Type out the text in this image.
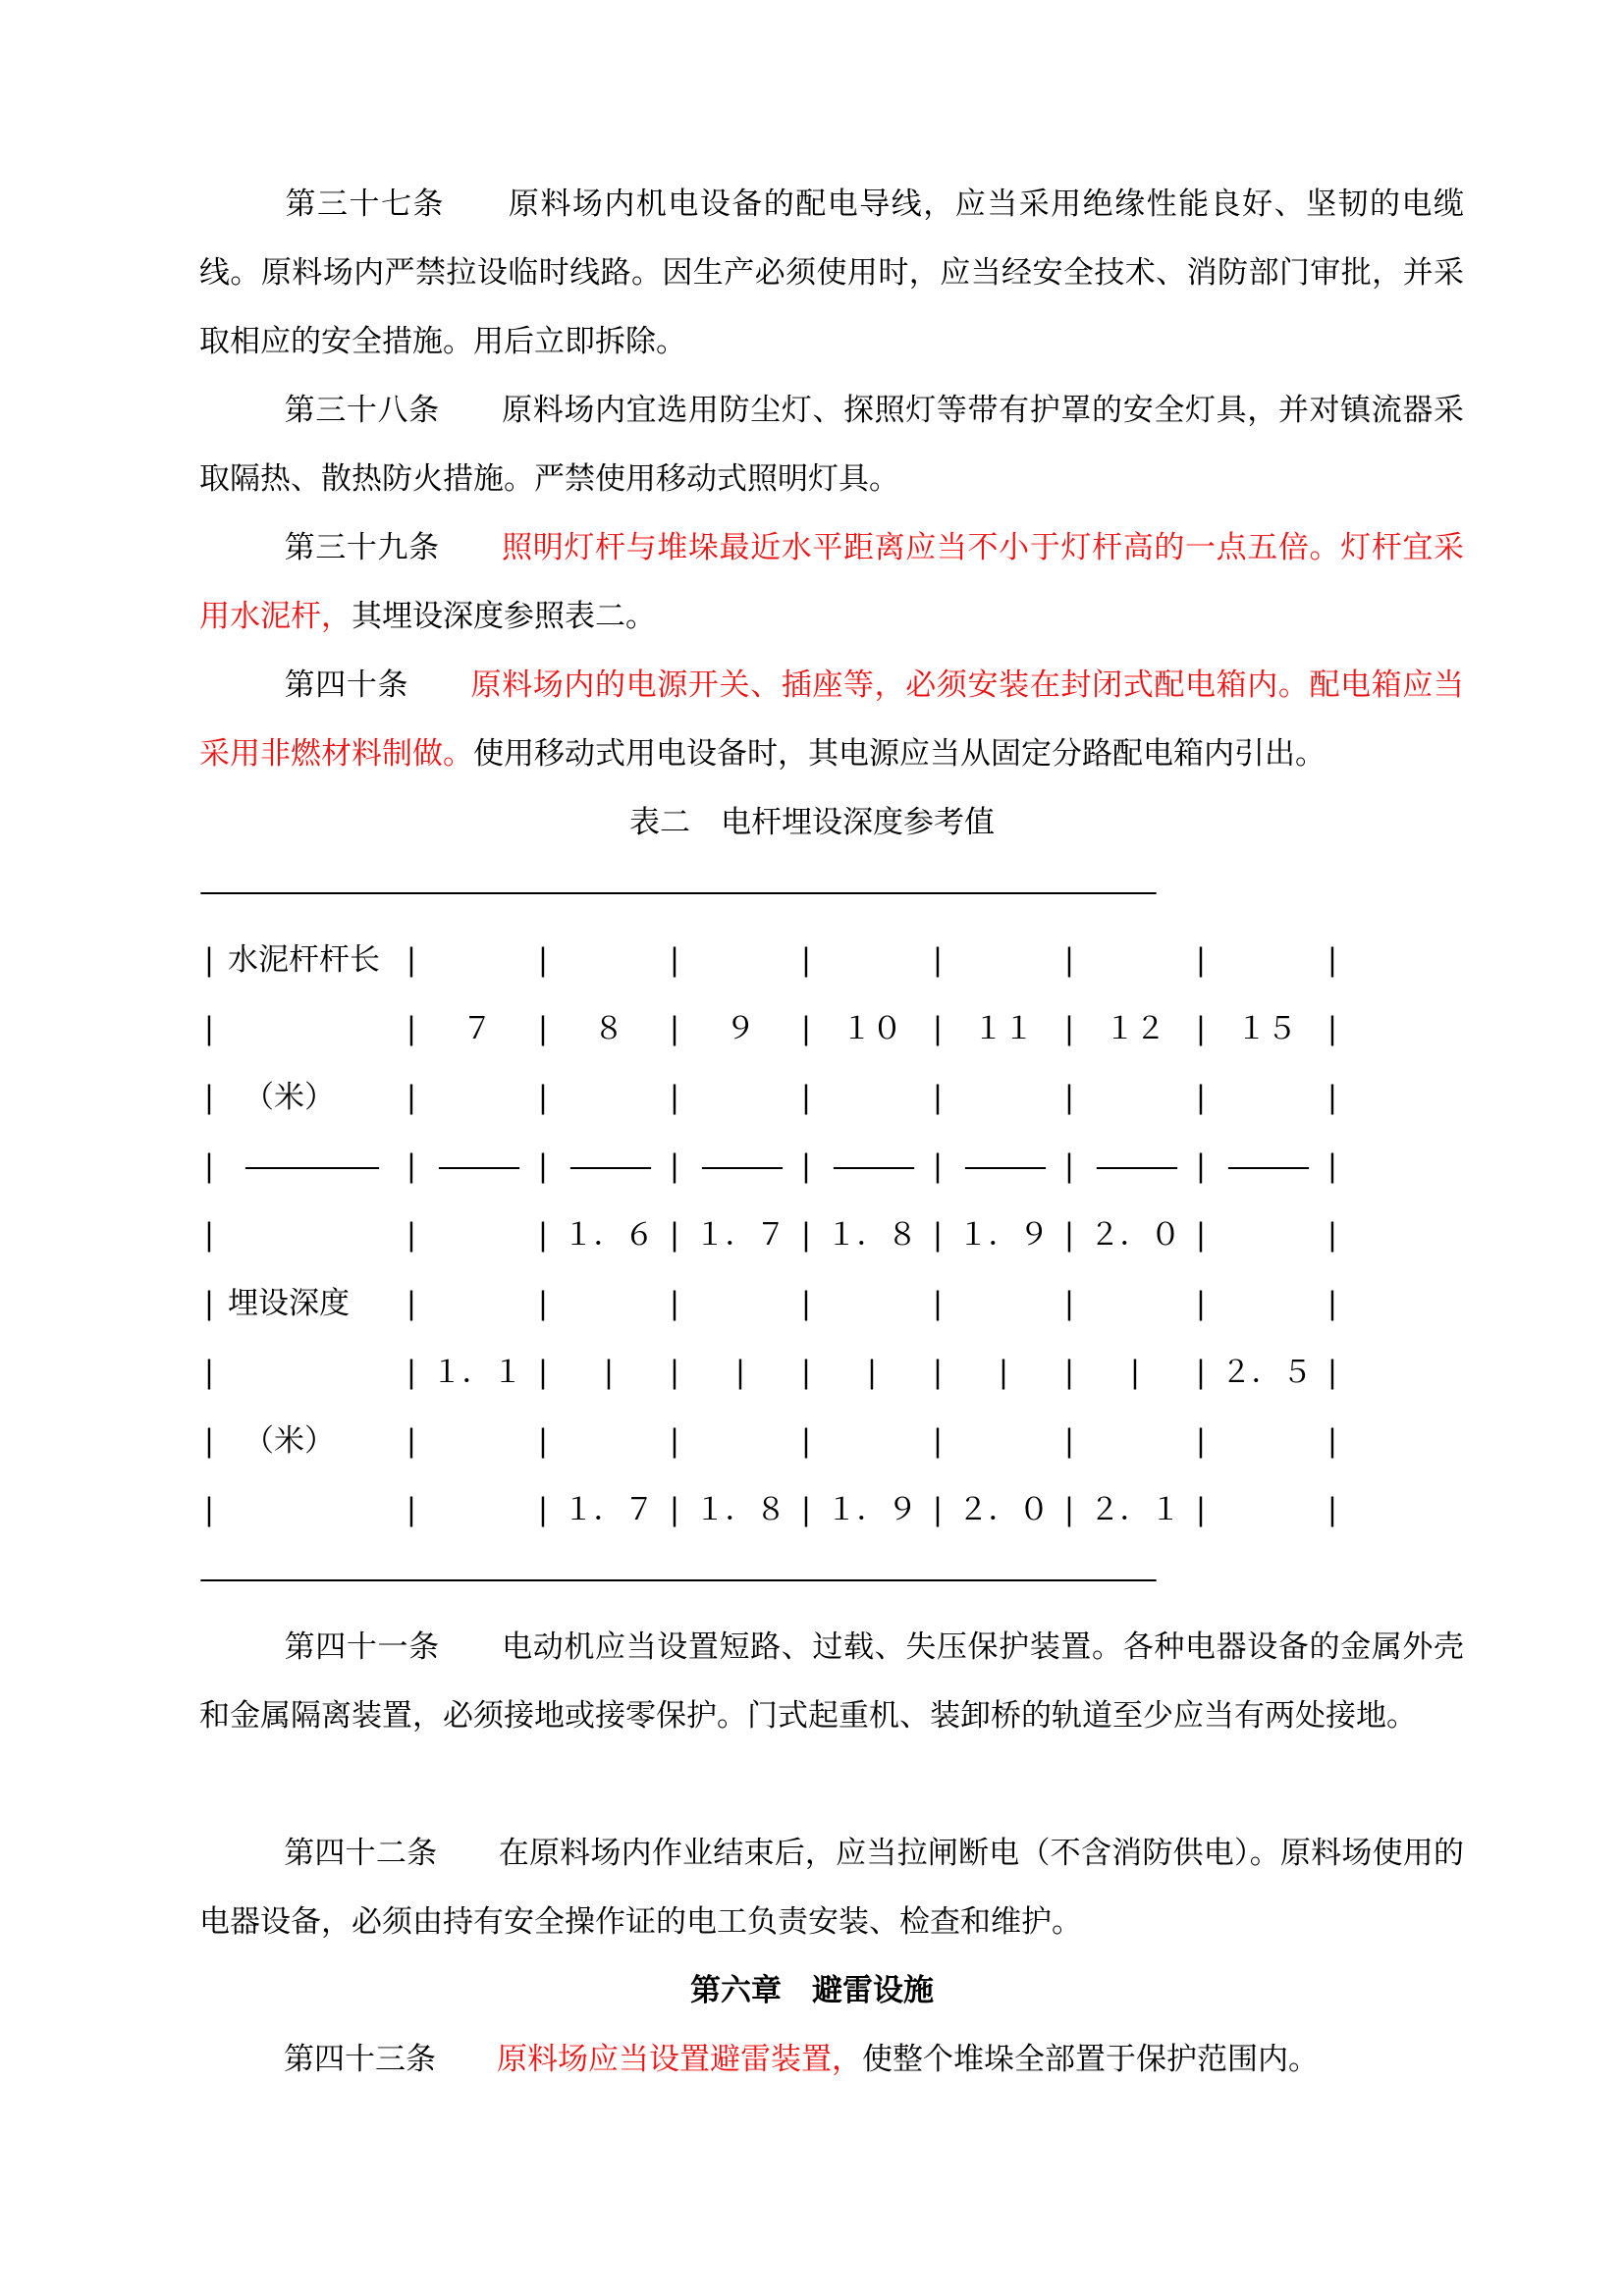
第三十七条　　 原料场内机电设备的配电导线，应当采用绝缘性能良好、坚韧的电缆线。原料场内严禁拉设临时线路。因生产必须使用时，应当经安全技术、消防部门审批，并采取相应的安全措施。用后立即拆除。

第三十八条　　 原料场内宜选用防尘灯、探照灯等带有护罩的安全灯具，并对镇流器采取隔热、散热防火措施。严禁使用移动式照明灯具。

第三十九条　　 照明灯杆与堆垛最近水平距离应当不小于灯杆高的一点五倍。灯杆宜采用水泥杆，其埋设深度参照表二。

第四十条　　 原料场内的电源开关、插座等，必须安装在封闭式配电箱内。配电箱应当采用非燃材料制做。使用移动式用电设备时，其电源应当从固定分路配电箱内引出。

表二　电杆埋设深度参考值

————————————————————————————————————
| 水泥杆杆长 |	|	|	|	|	|	|	|
|	|	７	|	８	|	９	| １０ | １１ | １２ | １５ |
| （米） |	|	|	|	|	|	|	|
| ————— | ——— | ——— | ——— | ——— | ——— | ——— | ——— |
|	|	| １．６ | １．７ | １．８ | １．９ | ２．０ |	|
| 埋设深度 |	|	|	|	|	|	|	|
|	| １．１ | | | | | | | | | | | ２．５ |
| （米） |	|	|	|	|	|	|	|
|	|	| １．７ | １．８ | １．９ | ２．０ | ２．１ |	|
————————————————————————————————————

第四十一条　　 电动机应当设置短路、过载、失压保护装置。各种电器设备的金属外壳和金属隔离装置，必须接地或接零保护。门式起重机、装卸桥的轨道至少应当有两处接地。

第四十二条　　 在原料场内作业结束后，应当拉闸断电（不含消防供电）。原料场使用的电器设备，必须由持有安全操作证的电工负责安装、检查和维护。

第六章　避雷设施

第四十三条　　 原料场应当设置避雷装置，使整个堆垛全部置于保护范围内。
